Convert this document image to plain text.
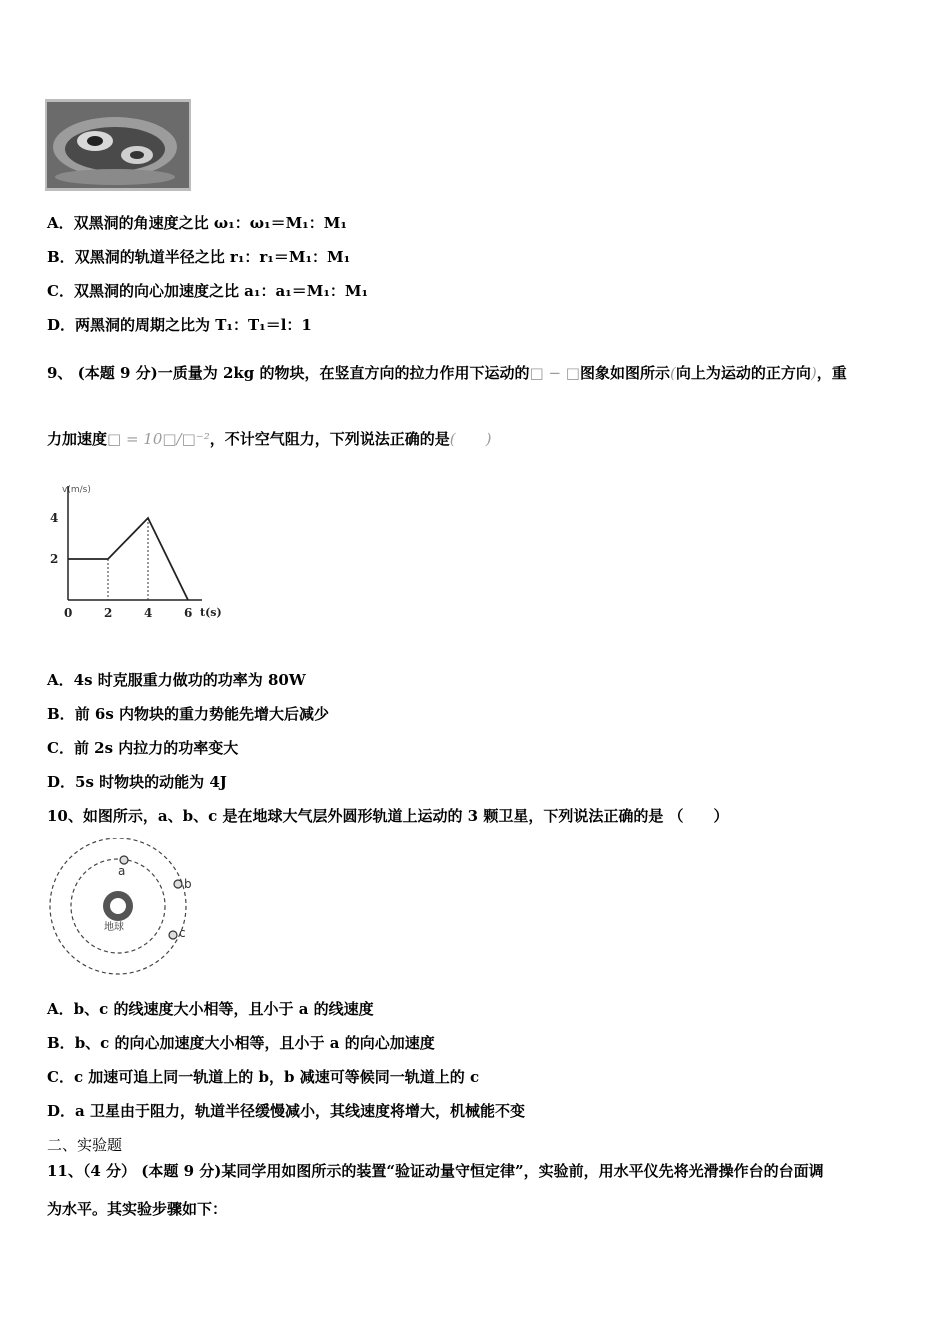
A．双黑洞的角速度之比 ω₁：ω₁＝M₁：M₁
B．双黑洞的轨道半径之比 r₁：r₁＝M₁：M₁
C．双黑洞的向心加速度之比 a₁：a₁＝M₁：M₁
D．两黑洞的周期之比为 T₁：T₁＝l：1
9、 (本题 9 分)一质量为 2kg 的物块，在竖直方向的拉力作用下运动的□ − □图象如图所示(向上为运动的正方向)，重
力加速度□ = 10□/□⁻²，不计空气阻力，下列说法正确的是(　　)
v(m/s)
t(s)
0	2	4	6
4
2
A．4s 时克服重力做功的功率为 80W
B．前 6s 内物块的重力势能先增大后减少
C．前 2s 内拉力的功率变大
D．5s 时物块的动能为 4J
10、如图所示，a、b、c 是在地球大气层外圆形轨道上运动的 3 颗卫星，下列说法正确的是 （　　）
地球
a
b
c
A．b、c 的线速度大小相等，且小于 a 的线速度
B．b、c 的向心加速度大小相等，且小于 a 的向心加速度
C．c 加速可追上同一轨道上的 b，b 减速可等候同一轨道上的 c
D．a 卫星由于阻力，轨道半径缓慢减小，其线速度将增大，机械能不变
二、实验题
11、（4 分） (本题 9 分)某同学用如图所示的装置“验证动量守恒定律”，实验前，用水平仪先将光滑操作台的台面调
为水平。其实验步骤如下：
